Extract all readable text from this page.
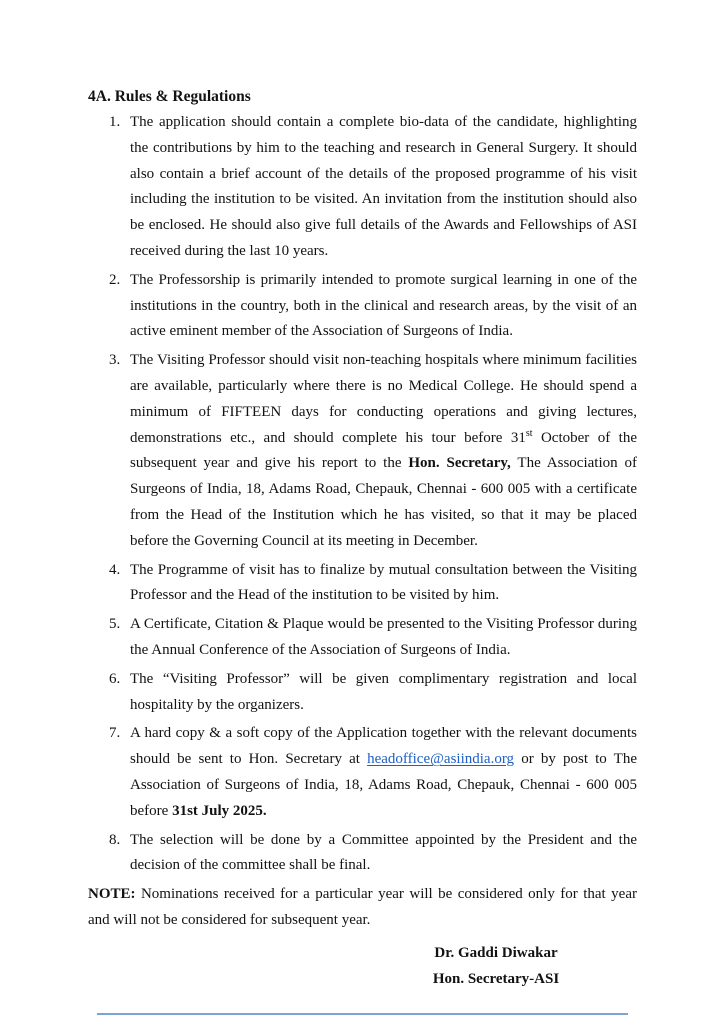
4A. Rules & Regulations
1. The application should contain a complete bio-data of the candidate, highlighting the contributions by him to the teaching and research in General Surgery. It should also contain a brief account of the details of the proposed programme of his visit including the institution to be visited. An invitation from the institution should also be enclosed. He should also give full details of the Awards and Fellowships of ASI received during the last 10 years.
2. The Professorship is primarily intended to promote surgical learning in one of the institutions in the country, both in the clinical and research areas, by the visit of an active eminent member of the Association of Surgeons of India.
3. The Visiting Professor should visit non-teaching hospitals where minimum facilities are available, particularly where there is no Medical College. He should spend a minimum of FIFTEEN days for conducting operations and giving lectures, demonstrations etc., and should complete his tour before 31st October of the subsequent year and give his report to the Hon. Secretary, The Association of Surgeons of India, 18, Adams Road, Chepauk, Chennai - 600 005 with a certificate from the Head of the Institution which he has visited, so that it may be placed before the Governing Council at its meeting in December.
4. The Programme of visit has to finalize by mutual consultation between the Visiting Professor and the Head of the institution to be visited by him.
5. A Certificate, Citation & Plaque would be presented to the Visiting Professor during the Annual Conference of the Association of Surgeons of India.
6. The “Visiting Professor” will be given complimentary registration and local hospitality by the organizers.
7. A hard copy & a soft copy of the Application together with the relevant documents should be sent to Hon. Secretary at headoffice@asiindia.org or by post to The Association of Surgeons of India, 18, Adams Road, Chepauk, Chennai - 600 005 before 31st July 2025.
8. The selection will be done by a Committee appointed by the President and the decision of the committee shall be final.

NOTE: Nominations received for a particular year will be considered only for that year and will not be considered for subsequent year.

Dr. Gaddi Diwakar
Hon. Secretary-ASI
